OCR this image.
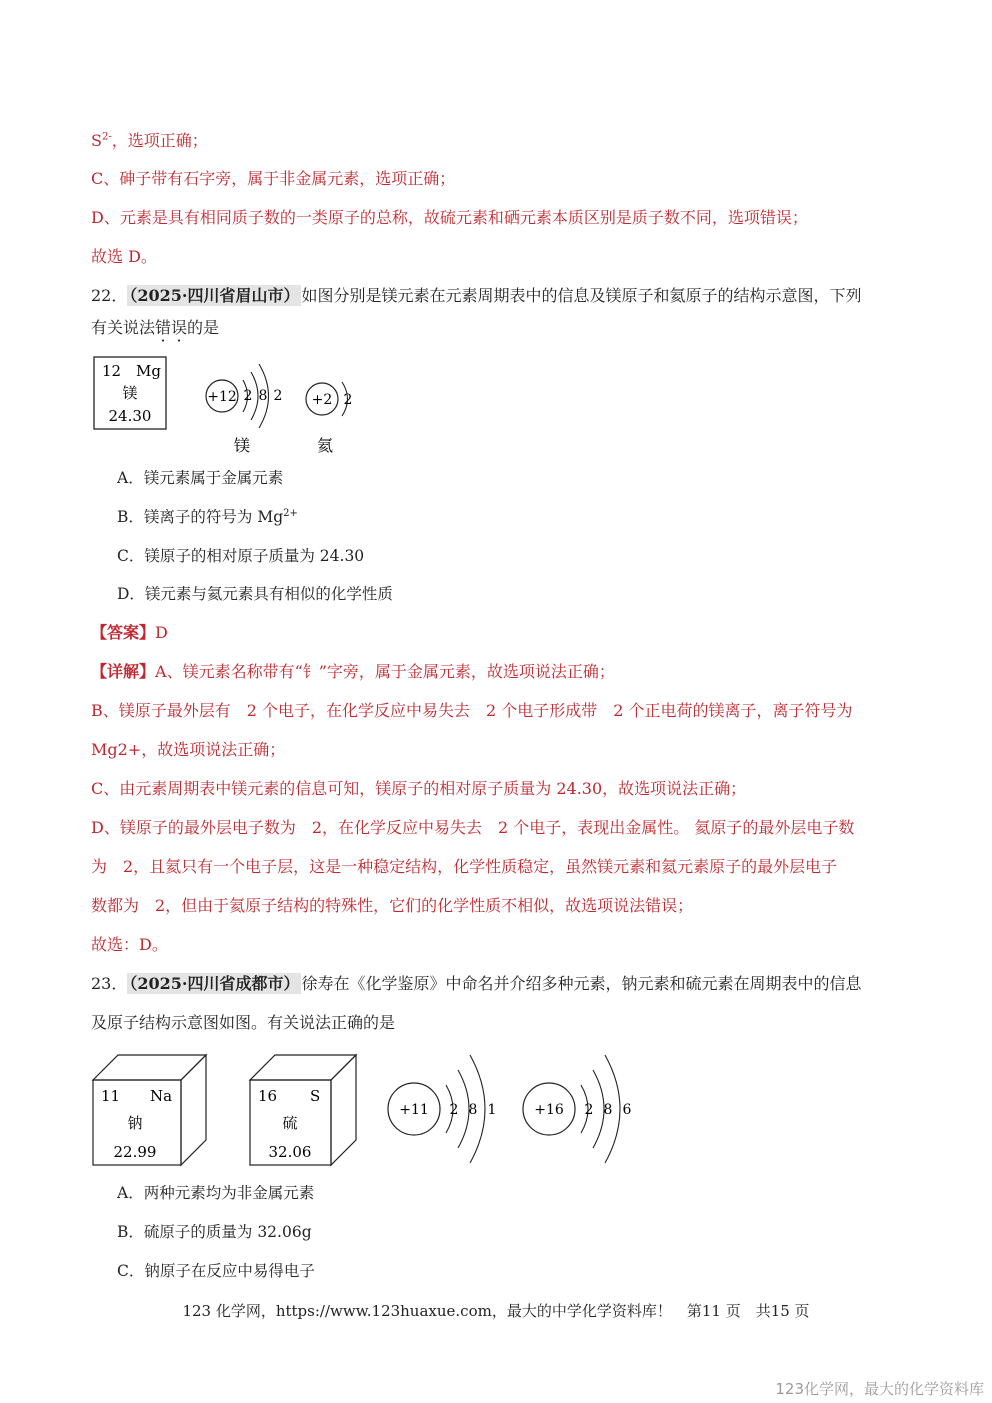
$S^{2-}$，选项正确；
C、砷子带有石字旁，属于非金属元素，选项正确；
D、元素是具有相同质子数的一类原子的总称，故硫元素和硒元素本质区别是质子数不同，选项错误；
故选 D。
22． （2025·四川省眉山市） 如图分别是镁元素在元素周期表中的信息及镁原子和氦原子的结构示意图，下列
有关说法错误的是
12 Mg
镁
24.30
+12 2 8 2
镁
+2 2
氦
A．镁元素属于金属元素
B．镁离子的符号为 $Mg^{2+}$
C．镁原子的相对原子质量为 24.30
D．镁元素与氦元素具有相似的化学性质
【答案】D
【详解】A、镁元素名称带有“钅”字旁，属于金属元素，故选项说法正确；
B、镁原子最外层有　2 个电子，在化学反应中易失去　2 个电子形成带　2 个正电荷的镁离子，离子符号为
Mg2+，故选项说法正确；
C、由元素周期表中镁元素的信息可知，镁原子的相对原子质量为 24.30，故选项说法正确；
D、镁原子的最外层电子数为　2，在化学反应中易失去　2 个电子，表现出金属性。 氦原子的最外层电子数
为　2，且氦只有一个电子层，这是一种稳定结构，化学性质稳定，虽然镁元素和氦元素原子的最外层电子
数都为　2，但由于氦原子结构的特殊性，它们的化学性质不相似，故选项说法错误；
故选：D。
23． （2025·四川省成都市） 徐寿在《化学鉴原》中命名并介绍多种元素，钠元素和硫元素在周期表中的信息
及原子结构示意图如图。有关说法正确的是
11 Na
钠
22.99
16 S
硫
32.06
+11 2 8 1	+16 2 8 6
A．两种元素均为非金属元素
B．硫原子的质量为 32.06g
C．钠原子在反应中易得电子
123 化学网，https://www.123huaxue.com，最大的中学化学资料库！　第11 页　共15 页
123化学网，最大的化学资料库
